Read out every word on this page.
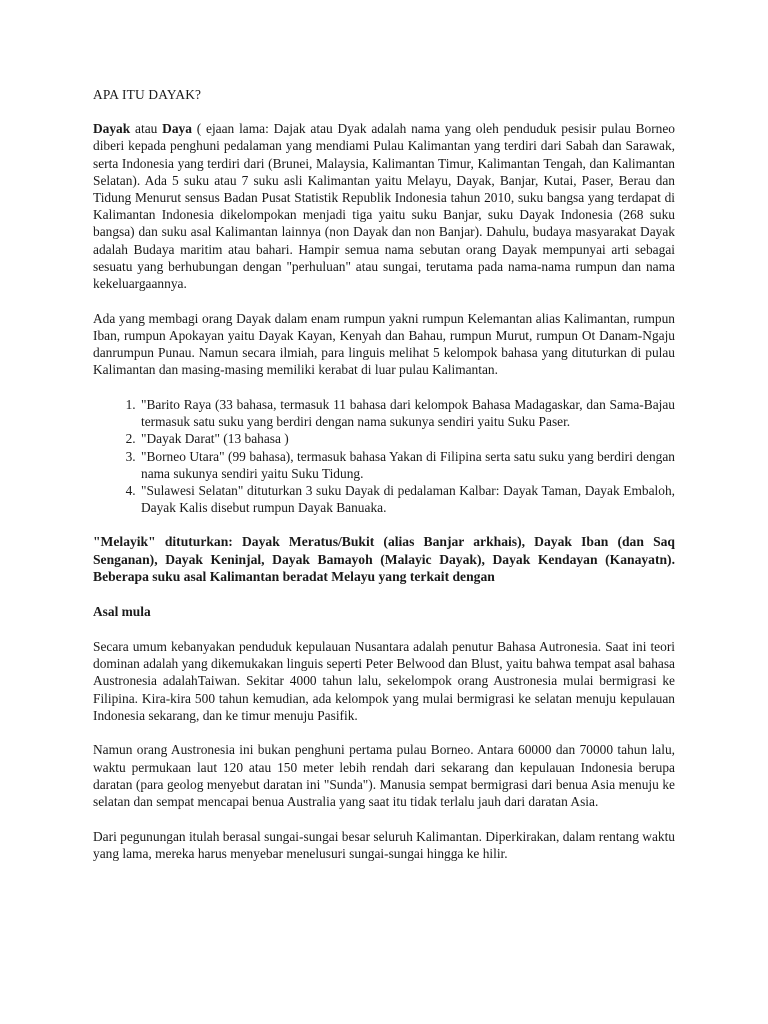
APA ITU DAYAK?

Dayak atau Daya ( ejaan lama: Dajak atau Dyak adalah nama yang oleh penduduk pesisir pulau Borneo diberi kepada penghuni pedalaman yang mendiami Pulau Kalimantan yang terdiri dari Sabah dan Sarawak, serta Indonesia yang terdiri dari (Brunei, Malaysia, Kalimantan Timur, Kalimantan Tengah, dan Kalimantan Selatan). Ada 5 suku atau 7 suku asli Kalimantan yaitu Melayu, Dayak, Banjar, Kutai, Paser, Berau dan Tidung Menurut sensus Badan Pusat Statistik Republik Indonesia tahun 2010, suku bangsa yang terdapat di Kalimantan Indonesia dikelompokan menjadi tiga yaitu suku Banjar, suku Dayak Indonesia (268 suku bangsa) dan suku asal Kalimantan lainnya (non Dayak dan non Banjar). Dahulu, budaya masyarakat Dayak adalah Budaya maritim atau bahari. Hampir semua nama sebutan orang Dayak mempunyai arti sebagai sesuatu yang berhubungan dengan "perhuluan" atau sungai, terutama pada nama-nama rumpun dan nama kekeluargaannya.

Ada yang membagi orang Dayak dalam enam rumpun yakni rumpun Kelemantan alias Kalimantan, rumpun Iban, rumpun Apokayan yaitu Dayak Kayan, Kenyah dan Bahau, rumpun Murut, rumpun Ot Danam-Ngaju danrumpun Punau. Namun secara ilmiah, para linguis melihat 5 kelompok bahasa yang dituturkan di pulau Kalimantan dan masing-masing memiliki kerabat di luar pulau Kalimantan.

1. "Barito Raya (33 bahasa, termasuk 11 bahasa dari kelompok Bahasa Madagaskar, dan Sama-Bajau termasuk satu suku yang berdiri dengan nama sukunya sendiri yaitu Suku Paser.
2. "Dayak Darat" (13 bahasa )
3. "Borneo Utara" (99 bahasa), termasuk bahasa Yakan di Filipina serta satu suku yang berdiri dengan nama sukunya sendiri yaitu Suku Tidung.
4. "Sulawesi Selatan" dituturkan 3 suku Dayak di pedalaman Kalbar: Dayak Taman, Dayak Embaloh, Dayak Kalis disebut rumpun Dayak Banuaka.

"Melayik" dituturkan: Dayak Meratus/Bukit (alias Banjar arkhais), Dayak Iban (dan Saq Senganan), Dayak Keninjal, Dayak Bamayoh (Malayic Dayak), Dayak Kendayan (Kanayatn). Beberapa suku asal Kalimantan beradat Melayu yang terkait dengan

Asal mula

Secara umum kebanyakan penduduk kepulauan Nusantara adalah penutur Bahasa Autronesia. Saat ini teori dominan adalah yang dikemukakan linguis seperti Peter Belwood dan Blust, yaitu bahwa tempat asal bahasa Austronesia adalahTaiwan. Sekitar 4000 tahun lalu, sekelompok orang Austronesia mulai bermigrasi ke Filipina. Kira-kira 500 tahun kemudian, ada kelompok yang mulai bermigrasi ke selatan menuju kepulauan Indonesia sekarang, dan ke timur menuju Pasifik.

Namun orang Austronesia ini bukan penghuni pertama pulau Borneo. Antara 60000 dan 70000 tahun lalu, waktu permukaan laut 120 atau 150 meter lebih rendah dari sekarang dan kepulauan Indonesia berupa daratan (para geolog menyebut daratan ini "Sunda"). Manusia sempat bermigrasi dari benua Asia menuju ke selatan dan sempat mencapai benua Australia yang saat itu tidak terlalu jauh dari daratan Asia.

Dari pegunungan itulah berasal sungai-sungai besar seluruh Kalimantan. Diperkirakan, dalam rentang waktu yang lama, mereka harus menyebar menelusuri sungai-sungai hingga ke hilir.
